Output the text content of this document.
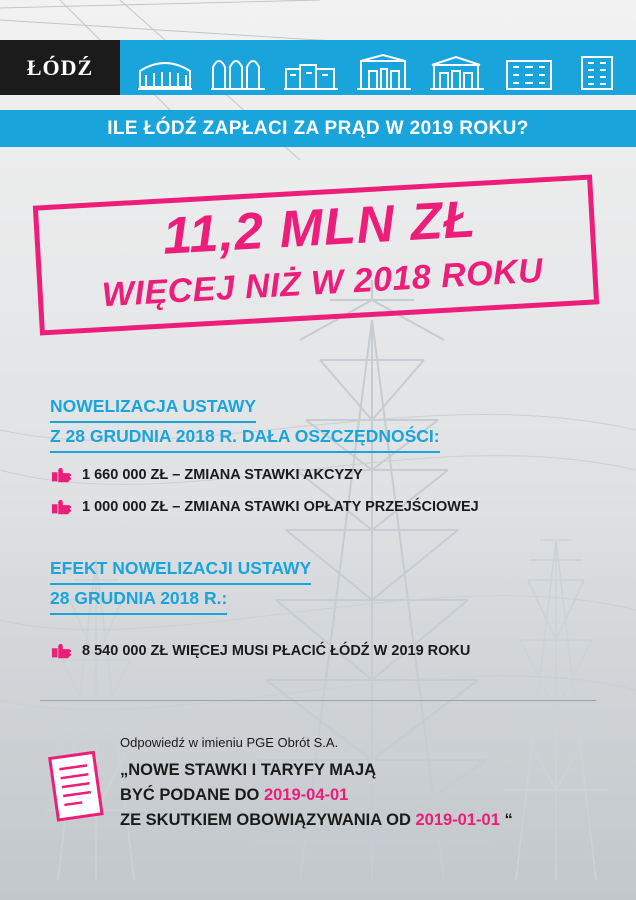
ŁÓDŹ
ILE ŁÓDŹ ZAPŁACI ZA PRĄD W 2019 ROKU?
11,2 MLN ZŁ
WIĘCEJ NIŻ W 2018 ROKU
NOWELIZACJA USTAWY
Z 28 GRUDNIA 2018 R. DAŁA OSZCZĘDNOŚCI:
1 660 000 ZŁ – ZMIANA STAWKI AKCYZY
1 000 000 ZŁ – ZMIANA STAWKI OPŁATY PRZEJŚCIOWEJ
EFEKT NOWELIZACJI USTAWY
28 GRUDNIA 2018 R.:
8 540 000 ZŁ WIĘCEJ MUSI PŁACIĆ ŁÓDŹ W 2019 ROKU
Odpowiedź w imieniu PGE Obrót S.A.
„NOWE STAWKI I TARYFY MAJĄ
BYĆ PODANE DO 2019-04-01
ZE SKUTKIEM OBOWIĄZYWANIA OD 2019-01-01 “
